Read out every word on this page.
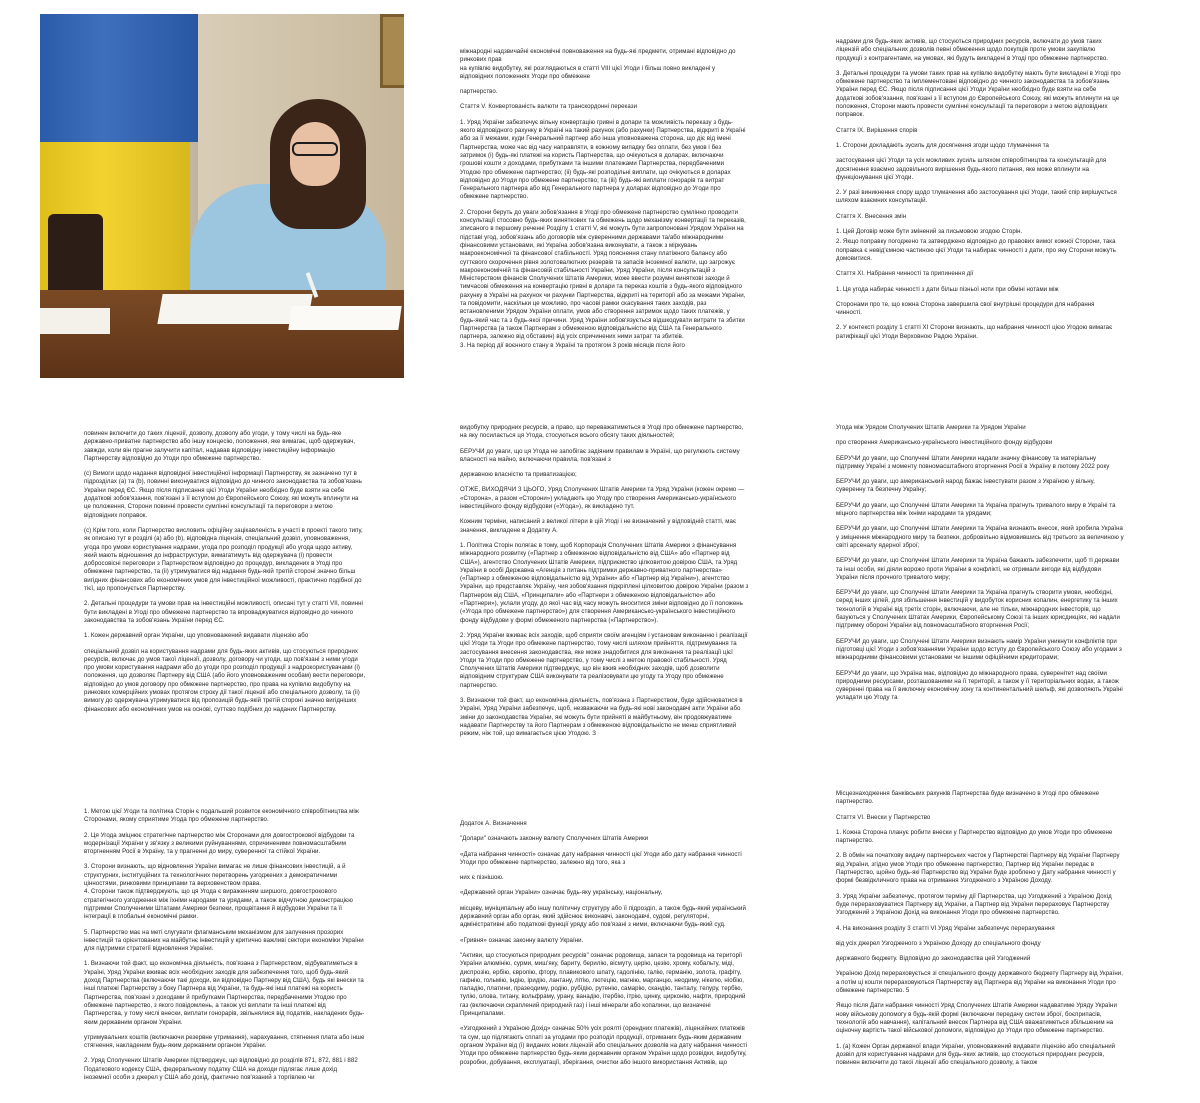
міжнародні надзвичайні економічні повноваження на будь-які предмети, отримані відповідно до ринкових прав

на купівлю видобутку, які розглядаються в статті VIII цієї Угоди і більш повно викладені у відповідних положеннях Угоди про обмежене

партнерство.

Стаття V. Конвертованість валюти та транскордонні перекази

1. Уряд України забезпечує вільну конвертацію гривні в долари та можливість переказу з будь-якого відповідного рахунку в Україні на такий рахунок (або рахунки) Партнерства, відкриті в Україні або за її межами, куди Генеральний партнер або інша уповноважена сторона, що діє від імені Партнерства, може час від часу направляти, в кожному випадку без оплати, без умов і без затримок (і) будь-які платежі на користь Партнерства, що очікуються в доларах, включаючи грошові кошти з доходами, прибутками та іншими платежами Партнерства, передбаченими Угодою про обмежене партнерство; (іі) будь-які розподільні виплати, що очікуються в доларах відповідно до Угоди про обмежене партнерство; та (ііі) будь-які виплати гонорарів та витрат Генерального партнера або від Генерального партнера у доларах відповідно до Угоди про обмежене партнерство.

2. Сторони беруть до уваги зобов'язання в Угоді про обмежене партнерство сумлінно проводити консультації стосовно будь-яких виняткових та обмежень щодо механізму конвертації та переказів, зписаного в першому реченні Розділу 1 статті V, які можуть бути запропоновані Урядом України на підставі угод, зобов'язань або договорів між суверенними державами та/або міжнародними фінансовими установами, які Україна зобов'язана виконувати, а також з міркувань макроекономічної та фінансової стабільності. Уряд пояснення стану платіжного балансу або суттєвого скорочення рівня золотовалютних резервів та запасів іноземної валюти, що загрожує макроекономічній та фінансовій стабільності України, Уряд України, після консультацій з Міністерством фінансів Сполучених Штатів Америки, може ввести розумні виняткові заходи й тимчасові обмеження на конвертацію гривні в долари та переказ коштів з будь-якого відповідного рахунку в Україні на рахунок чи рахунки Партнерства, відкриті на території або за межами України, та повідомити, наскільки це можливо, про часові рамки скасування таких заходів, раз встановленими Урядом України оплати, умов або створення затримок щодо таких платежів, у будь-який час та з будь-якої причини. Уряд України зобов'язується відшкодувати витрати та збитки Партнерства (а також Партнерам з обмеженою відповідальністю від США та Генерального партнера, залежно від обставин) від усіх спричинених ними затрат та збитків.

3. На період дії воєнного стану в Україні та протягом 3 років місяців після його

надрами для будь-яких активів, що стосуються природних ресурсів, включати до умов таких ліцензій або спеціальних дозволів певні обмеження щодо покупців проте умови закупівлю продукції з контрагентами, на умовах, які будуть викладені в Угоді про обмежене партнерство.

3. Детальні процедури та умови таких прав на купівлю видобутку мають бути викладені в Угоді про обмежене партнерство та імплементовані відповідно до чинного законодавства та зобов'язань України перед ЄС. Якщо після підписання цієї Угоди України необхідно буде взяти на себе додаткові зобов'язання, пов'язані з її вступом до Європейського Союзу, які можуть вплинути на це положення, Сторони мають провести сумлінні консультації та переговори з метою відповідних поправок.

Стаття IX. Вирішення спорів

1. Сторони докладають зусиль для досягнення згоди щодо тлумачення та

застосування цієї Угоди та усіх можливих зусиль шляхом співробітництва та консультацій для досягнення взаємно задовільного вирішення будь-якого питання, яке може вплинути на функціонування цієї Угоди.

2. У разі виникнення спору щодо тлумачення або застосування цієї Угоди, такий спір вирішується шляхом взаємних консультацій.

Стаття Х. Внесення змін

1. Цей Договір може бути змінений за письмовою згодою Сторін.

2. Якщо поправку погоджено та затверджено відповідно до правових вимог кожної Сторони, така поправка є невід'ємною частиною цієї Угоди та набирає чинності з дати, про яку Сторони можуть домовитися.

Стаття XI. Набрання чинності та припинення дії

1. Ця угода набирає чинності з дати більш пізньої ноти при обміні нотами між

Сторонами про те, що кожна Сторона завершила свої внутрішні процедури для набрання чинності.

2. У контексті розділу 1 статті XI Сторони визнають, що набрання чинності цією Угодою вимагає ратифікації цієї Угоди Верховною Радою України.

повинен включити до таких ліцензії, дозволу, дозволу або угоди, у тому числі на будь-яке державно-приватне партнерство або іншу концесію, положення, яке вимагає, щоб одержувач, завжди, коли він прагне залучити капітал, надавав відповідну інвестиційну інформацію Партнерству відповідно до Угоди про обмежене партнерство.

(с) Вимоги щодо надання відповідної інвестиційної інформації Партнерству, як зазначено тут в підрозділах (а) та (b), повинні виконуватися відповідно до чинного законодавства та зобов'язань України перед ЄС. Якщо після підписання цієї Угоди України необхідно буде взяти на себе додаткові зобов'язання, пов'язані з її вступом до Європейського Союзу, які можуть вплинути на це положення, Сторони повинні провести сумлінні консультації та переговори з метою відповідних поправок.

(с) Крім того, коли Партнерство висловить офіційну зацікавленість в участі в проекті такого типу, як описано тут в розділі (а) або (b), відповідна ліцензія, спеціальний дозвіл, уповноваження, угода про умови користування надрами, угода про розподіл продукції або угода щодо активу, який мають відношення до інфраструктури, вимагатимуть від одержувача (і) провести добросовісні переговори з Партнерством відповідно до процедур, викладених в Угоді про обмежене партнерство, та (іі) утримуватися від надання будь-якій третій стороні значно більш вигідних фінансових або економічних умов для інвестиційної можливості, практично подібної до тієї, що пропонується Партнерству.

2. Детальні процедури та умови прав на інвестиційні можливості, описані тут у статті VII, повинні бути викладені в Угоді про обмежене партнерство та впроваджуватися відповідно до чинного законодавства та зобов'язань України перед ЄС.

1. Кожен державний орган України, що уповноважений видавати ліцензію або

спеціальний дозвіл на користування надрами для будь-яких активів, що стосуються природних ресурсів, включає до умов такої ліцензії, дозволу, договору чи угоди, що пов'язані з ними угоди про умови користування надрами або до угоди про розподіл продукції з надрокористувачами (і) положення, що дозволяє Партнеру від США (або його уповноваженим особам) вести переговори, відповідно до умов договору про обмежене партнерство, про права на купівлю видобутку на ринкових комерційних умовах протягом строку дії такої ліцензії або спеціального дозволу, та (іі) вимогу до одержувача утримуватися від пропозицій будь-якій третій стороні значно вигідніших фінансових або економічних умов на основі, суттєво подібних до наданих Партнерству.

видобутку природних ресурсів, а право, що переважатиметься в Угоді про обмежене партнерство, на яку посилається ця Угода, стосуються всього обсягу таких діяльностей;

БЕРУЧИ до уваги, що ця Угода не запобігає задіяним правилам в Україні, що регулюють систему власності на майно, включаючи правила, пов'язані з

державною власністю та приватизацією;

ОТЖЕ, ВИХОДЯЧИ З ЦЬОГО, Уряд Сполучених Штатів Америки та Уряд України (кожен окремо — «Сторона», а разом «Сторони») укладають цю Угоду про створення Американсько-українського інвестиційного фонду відбудови («Угода»), як викладено тут.

Кожним терміни, написаний з великої літери в цій Угоді і не визначений у відповідній статті, має значення, викладене в Додатку А.

1. Політика Сторін полягає в тому, щоб Корпорація Сполучених Штатів Америки з фінансування міжнародного розвитку («Партнер з обмеженою відповідальністю від США» або «Партнер від США»), агентство Сполучених Штатів Америки, підприємство цілковитою довірою США, та Уряд України в особі Державна «Агенція з питань підтримки державно-приватного партнерства» («Партнер з обмеженою відповідальністю від України» або «Партнер від України»), агентство України, що представляє Україну, чия зобов'язання підкріплені цілковитою довірою України (разом з Партнером від США, «Принципали» або «Партнери з обмеженою відповідальністю» або «Партнери»), уклали угоду, до якої час від часу можуть вноситися зміни відповідно до її положень («Угода про обмежене партнерство») для створення Американсько-українського інвестиційного фонду відбудови у формі обмеженого партнерства («Партнерство»).

2. Уряд України вживає всіх заходів, щоб сприяти своїм агенціям і установам виконанню і реалізації цієї Угоди та Угоди про обмежене партнерство, тому числі шляхом прийняття, підтримування та застосування внесення законодавства, яке може знадобитися для виконання та реалізації цієї Угоди та Угоди про обмежене партнерство, у тому числі з метою правової стабільності. Уряд Сполучених Штатів Америки підтверджує, що він вжив необхідних заходів, щоб дозволити відповідним структурам США виконувати та реалізовувати цю угоду та Угоду про обмежене партнерство.

3. Визнаючи той факт, що економічна діяльність, пов'язана з Партнерством, буде здійснюватися в Україні, Уряд України забезпечує, щоб, незважаючи на будь-які нові законодавчі акти України або зміни до законодавства України, які можуть бути прийняті в майбутньому, він продовжуватиме надавати Партнерству та його Партнерам з обмеженою відповідальністю не менш сприятливий режим, ніж той, що вимагається цією Угодою. З

Угода між Урядом Сполучених Штатів Америки та Урядом України

про створення Американсько-українського інвестиційного фонду відбудови

БЕРУЧИ до уваги, що Сполучені Штати Америки надали значну фінансову та матеріальну підтримку Україні з моменту повномасштабного вторгнення Росії в Україну в лютому 2022 року

БЕРУЧИ до уваги, що американський народ бажає інвестувати разом з Україною у вільну, суверенну та безпечну Україну;

БЕРУЧИ до уваги, що Сполучені Штати Америки та Україна прагнуть тривалого миру в Україні та міцного партнерства між їхніми народами та урядами;

БЕРУЧИ до уваги, що Сполучені Штати Америки та Україна визнають внесок, який зробила Україна у зміцнення міжнародного миру та безпеки, добровільно відмовившись від третього за величиною у світі арсеналу ядерної зброї;

БЕРУЧИ до уваги, що Сполучені Штати Америки та Україна бажають забезпечити, щоб ті держави та інші особи, які діяли ворожо проти України в конфлікті, не отримали вигоди від відбудови України після прочного тривалого миру;

БЕРУЧИ до уваги, що Сполучені Штати Америки та Україна прагнуть створити умови, необхідні, серед інших цілей, для збільшення інвестицій у видобуток корисних копалин, енергетику та інших технологій в Україні від третіх сторін, включаючи, але не тільки, міжнародних інвесторів, що базуються у Сполучених Штатах Америки, Європейському Союзі та інших юрисдикціях, які надали підтримку обороні України від повномасштабного вторгнення Росії;

БЕРУЧИ до уваги, що Сполучені Штати Америки визнають намір України уникнути конфліктів при підготовці цієї Угоди з зобов'язаннями України щодо вступу до Європейського Союзу або угодами з міжнародними фінансовими установами чи іншими офіційними кредиторами;

БЕРУЧИ до уваги, що Україна має, відповідно до міжнародного права, суверенітет над своїми природними ресурсами, розташованими на її території, а також у її територіальних водах, а також суверенні права на її виключну економічну зону та континентальний шельф, які дозволяють Україні укладати цю Угоду та

1. Метою цієї Угоди та політика Сторін є подальший розвиток економічного співробітництва між Сторонами, якому сприятиме Угода про обмежене партнерство.

2. Ця Угода зміцнює стратегічне партнерство між Сторонами для довгострокової відбудови та модернізації України у зв'язку з великими руйнуваннями, спричиненими повномасштабним вторгненням Росії в Україну, та у прагненні до миру, суверенної та стійкої України.

3. Сторони визнають, що відновлення України вимагає не лише фінансових інвестицій, а й структурних, інституційних та технологічних перетворень узгоджених з демократичними цінностями, ринковими принципами та верховенством права.

4. Сторони також підтверджують, що ця Угода є вираженням ширшого, довгострокового стратегічного узгодження між їхніми народами та урядами, а також відчутною демонстрацією підтримки Сполученими Штатами Америки безпеки, процвітання й відбудови України та її інтеграції в глобальні економічні рамки.

5. Партнерство має на меті слугувати флагманським механізмом для залучення прозорих інвестицій та орієнтованих на майбутнє інвестицій у критично важливі сектори економіки України для підтримки стратегії відновлення України.

1. Визнаючи той факт, що економічна діяльність, пов'язана з Партнерством, відбуватиметься в Україні, Уряд України вживає всіх необхідних заходів для забезпечення того, щоб будь-який доход Партнерства (включаючи такі доходи, ви відповідно Партнеру від США), будь які внески та інші платежі Партнерству з боку Партнера від України, та будь-які інші платежі на користь Партнерства, пов'язані з доходами й прибутками Партнерства, передбаченими Угодою про обмежене партнерство, з якого повідомлень, а також усі виплати та інші платежі від Партнерства, у тому числі внески, виплати гонорарів, звільнялися від податків, накладених будь-яким державним органом України.

утримувальних коштів (включаючи резервне утримання), нарахування, стягнення плата або інше стягнення, накладеним будь-яким державним органом України.

2. Уряд Сполучених Штатів Америки підтверджує, що відповідно до розділів 871, 872, 881 і 882 Податкового кодексу США, федеральному податку США на доходи підлягає лише дохід іноземної особи з джерел у США або дохід, фактично пов'язаний з торгівлею чи

Додаток А. Визначення

"Долари" означають законну валюту Сполучених Штатів Америки

«Дата набрання чинності» означає дату набрання чинності цієї Угоди або дату набрання чинності Угоди про обмежене партнерство, залежно від того, яка з

них є пізнішою.

«Державний орган України» означає будь-яку українську, національну,

місцеву, муніципальну або іншу політичну структуру або її підрозділ, а також будь-який український державний орган або орган, який здійснює виконавчі, законодавчі, судові, регуляторні, адміністративні або податкові функції уряду або пов'язані з ними, включаючи будь-який суд.

«Гривня» означає законну валюту України.

"Активи, що стосуються природних ресурсів" означає родовища, запаси та родовища на території України алюмінію, сурми, миш'яку, бариту, берилію, вісмуту, церію, цезію, хрому, кобальту, міді, диспрозію, ербію, європію, фтору, плавикового шпату, гадолінію, галію, германію, золота, графіту, гафнію, гольмію, індію, іридію, лантану, літію, лютецію, магнію, марганцю, неодиму, нікелю, ніобію, паладію, платини, празеодиму, родію, рубідію, рутенію, самарію, скандію, танталу, телуру, тербію, тулію, олова, титану, вольфраму, урану, ванадію, ітербію, ітрію, цинку, цирконію, нафти, природний газ (включаючи скраплений природний газ) і інші мінерали або копалини, що визначені Принципалами.

«Узгоджений з Україною Дохід» означає 50% усіх роялті (орендних платежів), ліцензійних платежів та сум, що підлягають сплаті за угодами про розподіл продукції, отриманих будь-яким державним органом України від (і) виданих нових ліцензій або спеціальних дозволів на дату набрання чинності Угоди про обмежене партнерство будь-яким державним органом України щодо розвідки, видобутку, розробки, добування, експлуатації, зберігання, очистки або іншого використання Активів, що

Місцезнаходження банківських рахунків Партнерства буде визначено в Угоді про обмежене партнерство.

Стаття VI. Внески у Партнерство

1. Кожна Сторона планує робити внески у Партнерство відповідно до умов Угоди про обмежене партнерство.

2. В обмін на початкову видачу партнерських часток у Партнерстві Партнеру від України Партнеру від України, згідно умов Угоди про обмежене партнерство, Партнер від України передає в Партнерство, щойно будь-які Партнерство від України буде зроблено у Дату набрання чинності у формі безвідкличного права на отримання Узгодженого з Україною Доходу.

3. Уряд України забезпечує, протягом терміну дії Партнерства, що Узгоджений з Україною Дохід буде перераховуватися Партнеру від України, а Партнер від України перераховує Партнерству Узгоджений з Україною Дохід на виконання Угоди про обмежене партнерство.

4. На виконання розділу 3 статті VI Уряд України забезпечує перерахування

від усіх джерел Узгодженого з Україною Доходу до спеціального фонду

державного бюджету. Відповідно до законодавства цей Узгоджений

Україною Дохід перераховується зі спеціального фонду державного бюджету Партнеру від України, а потім ці кошти перераховуються Партнерству від Партнера від України на виконання Угоди про обмежене партнерство. 5

Якщо після Дати набрання чинності Уряд Сполучених Штатів Америки надаватиме Уряду України нову військову допомогу в будь-якій формі (включаючи передачу систем зброї, боєприпасів, технологій або навчання), капітальний внесок Партнера від США вважатиметься збільшеним на оціночну вартість такої військової допомоги, відповідно до Угоди про обмежене партнерство.

1. (а) Кожен Орган державної влади України, уповноважений видавати ліцензію або спеціальний дозвіл для користування надрами для будь-яких активів, що стосуються природних ресурсів, повинен включити до такої ліцензії або спеціального дозволу, а також
